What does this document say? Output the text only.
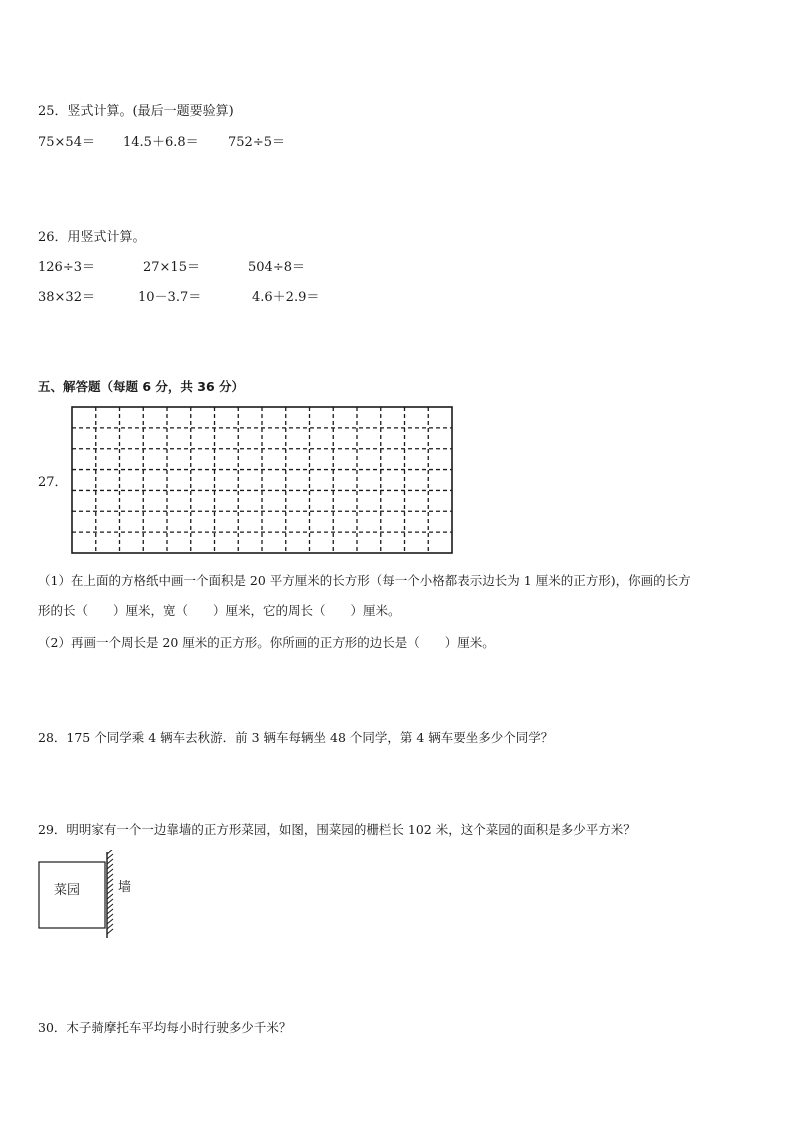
25．竖式计算。(最后一题要验算)
75×54＝ 14.5＋6.8＝ 752÷5＝
26．用竖式计算。
126÷3＝	27×15＝	504÷8＝
38×32＝	10－3.7＝	4.6＋2.9＝
五、解答题（每题 6 分，共 36 分）
27．
（1）在上面的方格纸中画一个面积是 20 平方厘米的长方形（每一个小格都表示边长为 1 厘米的正方形)，你画的长方
形的长（　　）厘米，宽（　　）厘米，它的周长（　　）厘米。
（2）再画一个周长是 20 厘米的正方形。你所画的正方形的边长是（　　）厘米。
28．175 个同学乘 4 辆车去秋游．前 3 辆车每辆坐 48 个同学，第 4 辆车要坐多少个同学？
29．明明家有一个一边靠墙的正方形菜园，如图，围菜园的栅栏长 102 米，这个菜园的面积是多少平方米？
菜园	墙
30．木子骑摩托车平均每小时行驶多少千米？
